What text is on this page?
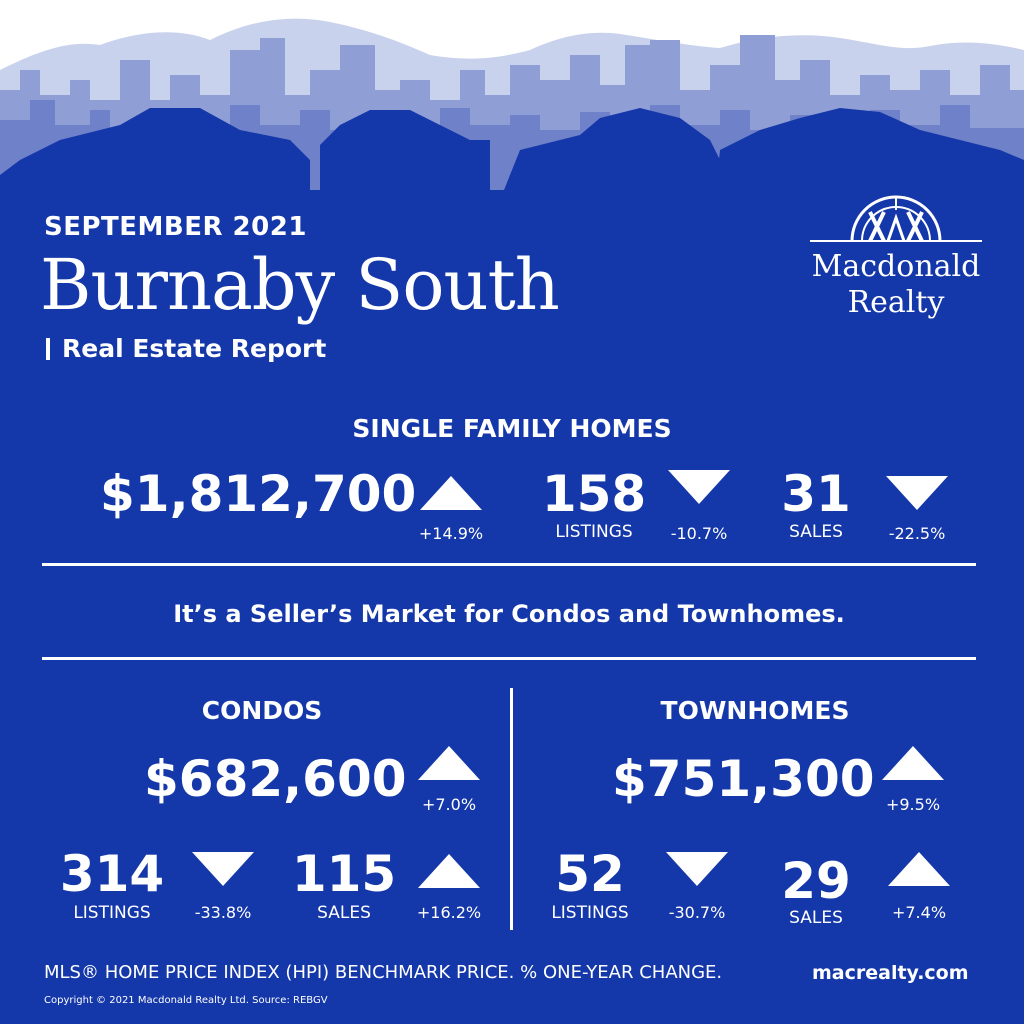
SEPTEMBER 2021
Burnaby South
Real Estate Report
Macdonald
Realty
SINGLE FAMILY HOMES
$1,812,700
+14.9%
158
LISTINGS	-10.7%
31
SALES	-22.5%
It’s a Seller’s Market for Condos and Townhomes.
CONDOS
$682,600 +7.0%
314
LISTINGS	-33.8%
115
SALES	+16.2%
TOWNHOMES
$751,300 +9.5%
52
LISTINGS	-30.7%
29
SALES	+7.4%
MLS® HOME PRICE INDEX (HPI) BENCHMARK PRICE. % ONE-YEAR CHANGE.
Copyright © 2021 Macdonald Realty Ltd. Source: REBGV
macrealty.com
